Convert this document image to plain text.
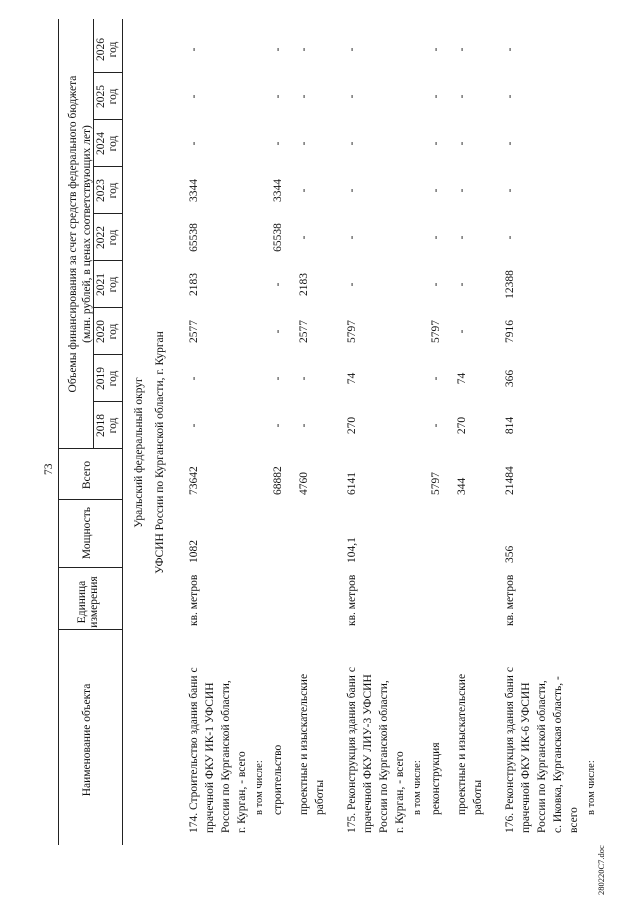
73
Наименование объекта
Единица измерения
Мощность
Всего
Объемы финансирования за счет средств федерального бюджета (млн. рублей, в ценах соответствующих лет)
Уральский федеральный округ УФСИН России по Курганской области, г. Курган
280220С7.doc
2018 год
2019 год
2020 год
2021 год
2022 год
2023 год
2024 год
2025 год
2026 год
174. Строительство здания бани с прачечной ФКУ ИК-1 УФСИН России по Курганской области, г. Курган, - всего
кв. метров
1082
73642
-
-
2577
2183
65538
3344
-
-
-
в том числе: строительство
68882
-
-
-
-
65538
3344
-
-
-
проектные и изыскательские работы
4760
-
-
2577
2183
-
-
-
-
-
175. Реконструкция здания бани с прачечной ФКУ ЛИУ-3 УФСИН России по Курганской области, г. Курган, - всего
кв. метров
104,1
6141
270
74
5797
-
-
-
-
-
-
в том числе: реконструкция
5797
-
-
5797
-
-
-
-
-
-
проектные и изыскательские работы
344
270
74
-
-
-
-
-
-
-
176. Реконструкция здания бани с прачечной ФКУ ИК-6 УФСИН России по Курганской области, с. Иковка, Курганская область, - всего
кв. метров
356
21484
814
366
7916
12388
-
-
-
-
-
в том числе:
